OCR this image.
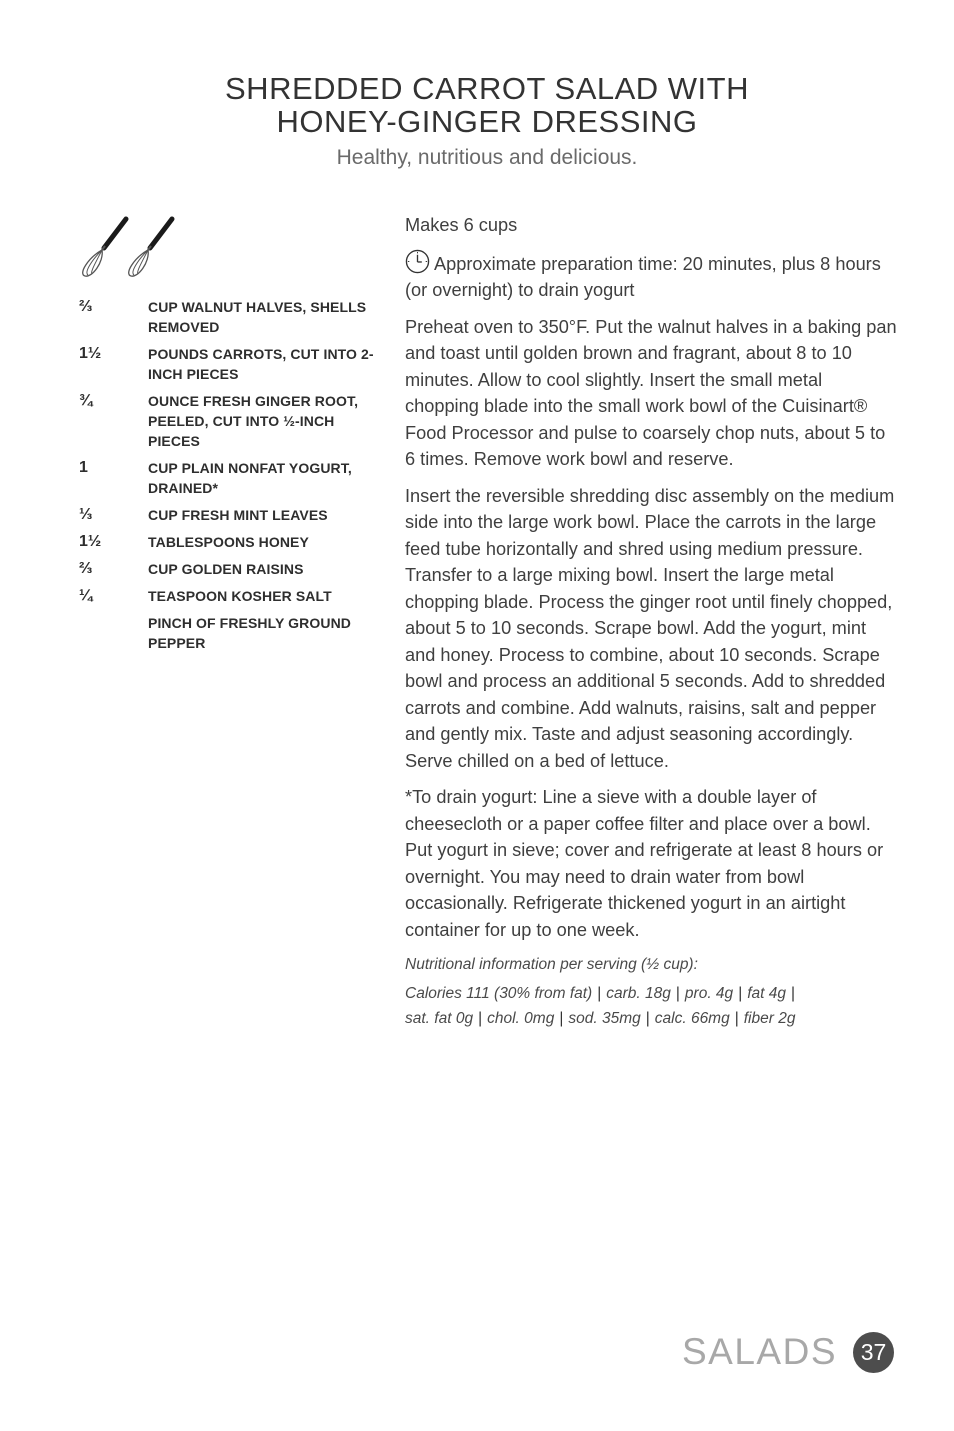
SHREDDED CARROT SALAD WITH
HONEY-GINGER DRESSING
Healthy, nutritious and delicious.
⅔	CUP WALNUT HALVES, SHELLS REMOVED
1½	POUNDS CARROTS, CUT INTO 2-INCH PIECES
¾	OUNCE FRESH GINGER ROOT, PEELED, CUT INTO ½-INCH PIECES
1	CUP PLAIN NONFAT YOGURT, DRAINED*
⅓	CUP FRESH MINT LEAVES
1½	TABLESPOONS HONEY
⅔	CUP GOLDEN RAISINS
¼	TEASPOON KOSHER SALT
PINCH OF FRESHLY GROUND PEPPER

Makes 6 cups

Approximate preparation time: 20 minutes, plus 8 hours (or overnight) to drain yogurt

Preheat oven to 350°F. Put the walnut halves in a baking pan and toast until golden brown and fragrant, about 8 to 10 minutes. Allow to cool slightly. Insert the small metal chopping blade into the small work bowl of the Cuisinart® Food Processor and pulse to coarsely chop nuts, about 5 to 6 times. Remove work bowl and reserve.

Insert the reversible shredding disc assembly on the medium side into the large work bowl. Place the carrots in the large feed tube horizontally and shred using medium pressure. Transfer to a large mixing bowl. Insert the large metal chopping blade. Process the ginger root until finely chopped, about 5 to 10 seconds. Scrape bowl. Add the yogurt, mint and honey. Process to combine, about 10 seconds. Scrape bowl and process an additional 5 seconds. Add to shredded carrots and combine. Add walnuts, raisins, salt and pepper and gently mix. Taste and adjust seasoning accordingly. Serve chilled on a bed of lettuce.

*To drain yogurt: Line a sieve with a double layer of cheesecloth or a paper coffee filter and place over a bowl. Put yogurt in sieve; cover and refrigerate at least 8 hours or overnight. You may need to drain water from bowl occasionally. Refrigerate thickened yogurt in an airtight container for up to one week.

Nutritional information per serving (½ cup):
Calories 111 (30% from fat) | carb. 18g | pro. 4g | fat 4g |
sat. fat 0g | chol. 0mg | sod. 35mg | calc. 66mg | fiber 2g
SALADS	37
